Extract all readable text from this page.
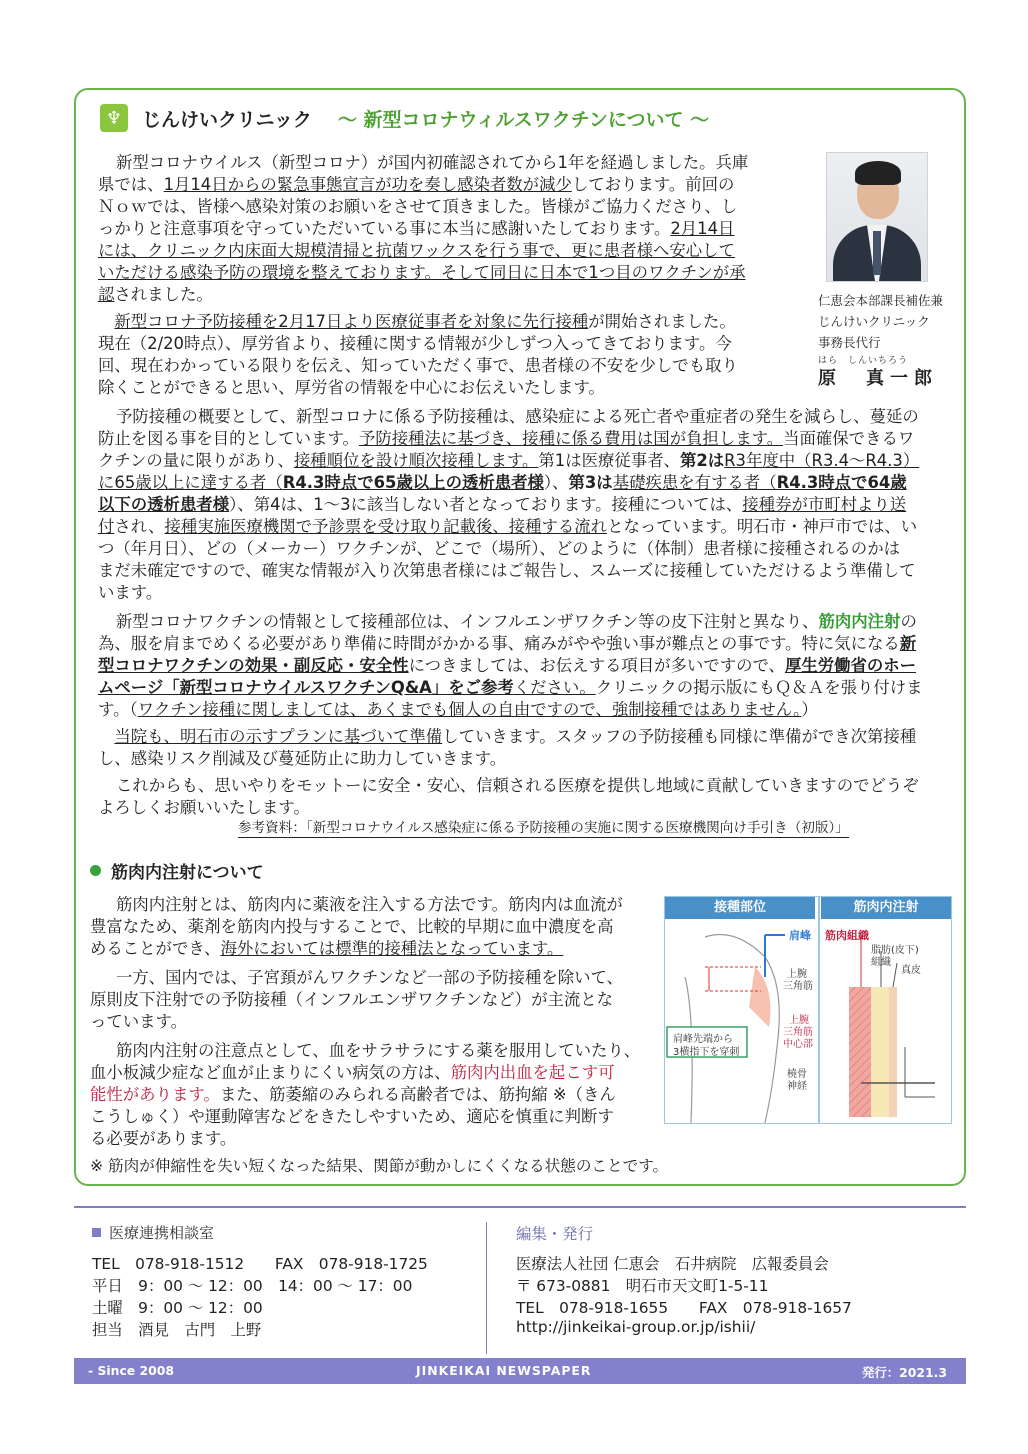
♆	じんけいクリニック ～ 新型コロナウィルスワクチンについて ～
新型コロナウイルス（新型コロナ）が国内初確認されてから1年を経過しました。兵庫
県では、1月14日からの緊急事態宣言が功を奏し感染者数が減少しております。前回の
Ｎｏｗでは、皆様へ感染対策のお願いをさせて頂きました。皆様がご協力くださり、し
っかりと注意事項を守っていただいている事に本当に感謝いたしております。2月14日
には、クリニック内床面大規模清掃と抗菌ワックスを行う事で、更に患者様へ安心して
いただける感染予防の環境を整えております。そして同日に日本で1つ目のワクチンが承
認されました。
　新型コロナ予防接種を2月17日より医療従事者を対象に先行接種が開始されました。
現在（2/20時点）、厚労省より、接種に関する情報が少しずつ入ってきております。今
回、現在わかっている限りを伝え、知っていただく事で、患者様の不安を少しでも取り
除くことができると思い、厚労省の情報を中心にお伝えいたします。
仁恵会本部課長補佐兼
じんけいクリニック
事務長代行
はら　しんいちろう
原　真一郎
予防接種の概要として、新型コロナに係る予防接種は、感染症による死亡者や重症者の発生を減らし、蔓延の
防止を図る事を目的としています。予防接種法に基づき、接種に係る費用は国が負担します。当面確保できるワ
クチンの量に限りがあり、接種順位を設け順次接種します。第1は医療従事者、第2はR3年度中（R3.4～R4.3）
に65歳以上に達する者（R4.3時点で65歳以上の透析患者様）、第3は基礎疾患を有する者（R4.3時点で64歳
以下の透析患者様）、第4は、1～3に該当しない者となっております。接種については、接種券が市町村より送
付され、接種実施医療機関で予診票を受け取り記載後、接種する流れとなっています。明石市・神戸市では、い
つ（年月日）、どの（メーカー）ワクチンが、どこで（場所）、どのように（体制）患者様に接種されるのかは
まだ未確定ですので、確実な情報が入り次第患者様にはご報告し、スムーズに接種していただけるよう準備して
います。
新型コロナワクチンの情報として接種部位は、インフルエンザワクチン等の皮下注射と異なり、筋肉内注射の
為、服を肩までめくる必要があり準備に時間がかかる事、痛みがやや強い事が難点との事です。特に気になる新
型コロナワクチンの効果・副反応・安全性につきましては、お伝えする項目が多いですので、厚生労働省のホー
ムページ「新型コロナウイルスワクチンQ&A」をご参考ください。クリニックの掲示版にもＱ＆Ａを張り付けま
す。（ワクチン接種に関しましては、あくまでも個人の自由ですので、強制接種ではありません。）
　当院も、明石市の示すプランに基づいて準備していきます。スタッフの予防接種も同様に準備ができ次第接種
し、感染リスク削減及び蔓延防止に助力していきます。
これからも、思いやりをモットーに安全・安心、信頼される医療を提供し地域に貢献していきますのでどうぞ
よろしくお願いいたします。
参考資料：「新型コロナウイルス感染症に係る予防接種の実施に関する医療機関向け手引き（初版）」
筋肉内注射について
筋肉内注射とは、筋肉内に薬液を注入する方法です。筋肉内は血流が
豊富なため、薬剤を筋肉内投与することで、比較的早期に血中濃度を高
めることができ、海外においては標準的接種法となっています。
一方、国内では、子宮頚がんワクチンなど一部の予防接種を除いて、
原則皮下注射での予防接種（インフルエンザワクチンなど）が主流とな
っています。
筋肉内注射の注意点として、血をサラサラにする薬を服用していたり、
血小板減少症など血が止まりにくい病気の方は、筋肉内出血を起こす可
能性があります。また、筋萎縮のみられる高齢者では、筋拘縮 ※（きん
こうしゅく）や運動障害などをきたしやすいため、適応を慎重に判断す
る必要があります。
接種部位	筋肉内注射
肩峰
上腕
三角筋
上腕
三角筋
中心部
肩峰先端から
3横指下を穿刺
橈骨
神経
筋肉組織
脂肪(皮下)
組織
真皮
※ 筋肉が伸縮性を失い短くなった結果、関節が動かしにくくなる状態のことです。
医療連携相談室
TEL　078-918-1512　　FAX　078-918-1725
平日　9：00 ～ 12：00　14：00 ～ 17：00
土曜　9：00 ～ 12：00
担当　酒見　古門　上野
編集・発行
医療法人社団 仁恵会　石井病院　広報委員会
〒 673-0881　明石市天文町1-5-11
TEL　078-918-1655　　FAX　078-918-1657
http://jinkeikai-group.or.jp/ishii/
- Since 2008	JINKEIKAI NEWSPAPER	発行：2021.3
